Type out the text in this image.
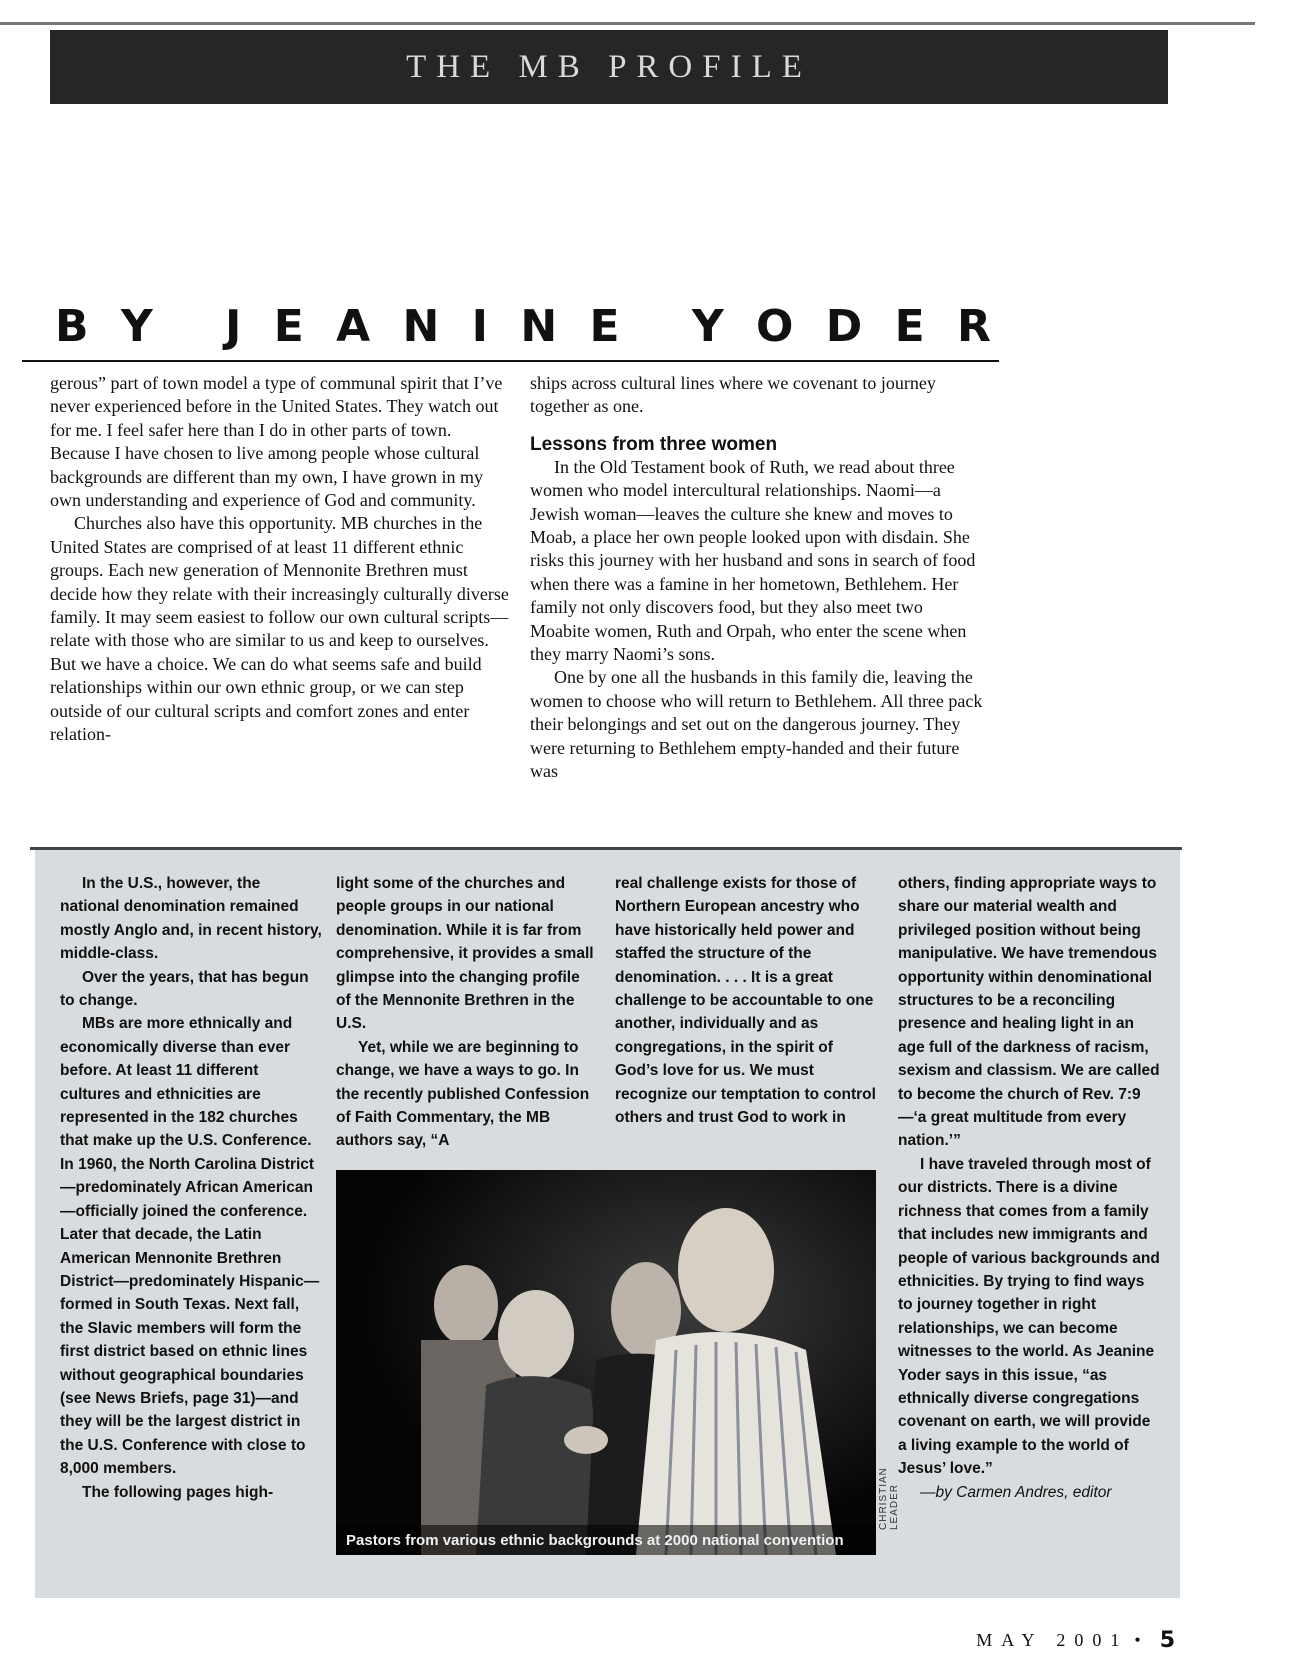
THE MB PROFILE
B Y J E A N I N E Y O D E R

gerous” part of town model a type of communal spirit that I’ve never experienced before in the United States. They watch out for me. I feel safer here than I do in other parts of town. Because I have chosen to live among people whose cultural backgrounds are different than my own, I have grown in my own understanding and experience of God and community.

Churches also have this opportunity. MB churches in the United States are comprised of at least 11 different ethnic groups. Each new generation of Mennonite Brethren must decide how they relate with their increasingly culturally diverse family. It may seem easiest to follow our own cultural scripts—relate with those who are similar to us and keep to ourselves. But we have a choice. We can do what seems safe and build relationships within our own ethnic group, or we can step outside of our cultural scripts and comfort zones and enter relation-

ships across cultural lines where we covenant to journey together as one.

Lessons from three women

In the Old Testament book of Ruth, we read about three women who model intercultural relationships. Naomi—a Jewish woman—leaves the culture she knew and moves to Moab, a place her own people looked upon with disdain. She risks this journey with her husband and sons in search of food when there was a famine in her hometown, Bethlehem. Her family not only discovers food, but they also meet two Moabite women, Ruth and Orpah, who enter the scene when they marry Naomi’s sons.

One by one all the husbands in this family die, leaving the women to choose who will return to Bethlehem. All three pack their belongings and set out on the dangerous journey. They were returning to Bethlehem empty-handed and their future was

In the U.S., however, the national denomination remained mostly Anglo and, in recent history, middle-class.

Over the years, that has begun to change.

MBs are more ethnically and economically diverse than ever before. At least 11 different cultures and ethnicities are represented in the 182 churches that make up the U.S. Conference. In 1960, the North Carolina District—predominately African American—officially joined the conference. Later that decade, the Latin American Mennonite Brethren District—predominately Hispanic—formed in South Texas. Next fall, the Slavic members will form the first district based on ethnic lines without geographical boundaries (see News Briefs, page 31)—and they will be the largest district in the U.S. Conference with close to 8,000 members.

The following pages high-

light some of the churches and people groups in our national denomination. While it is far from comprehensive, it provides a small glimpse into the changing profile of the Mennonite Brethren in the U.S.

Yet, while we are beginning to change, we have a ways to go. In the recently published Confession of Faith Commentary, the MB authors say, “A

real challenge exists for those of Northern European ancestry who have historically held power and staffed the structure of the denomination. . . . It is a great challenge to be accountable to one another, individually and as congregations, in the spirit of God’s love for us. We must recognize our temptation to control others and trust God to work in

others, finding appropriate ways to share our material wealth and privileged position without being manipulative. We have tremendous opportunity within denominational structures to be a reconciling presence and healing light in an age full of the darkness of racism, sexism and classism. We are called to become the church of Rev. 7:9—‘a great multitude from every nation.’”

I have traveled through most of our districts. There is a divine richness that comes from a family that includes new immigrants and people of various backgrounds and ethnicities. By trying to find ways to journey together in right relationships, we can become witnesses to the world. As Jeanine Yoder says in this issue, “as ethnically diverse congregations covenant on earth, we will provide a living example to the world of Jesus’ love.”

—by Carmen Andres, editor

Pastors from various ethnic backgrounds at 2000 national convention
CHRISTIAN LEADER
MAY 2001 • 5
